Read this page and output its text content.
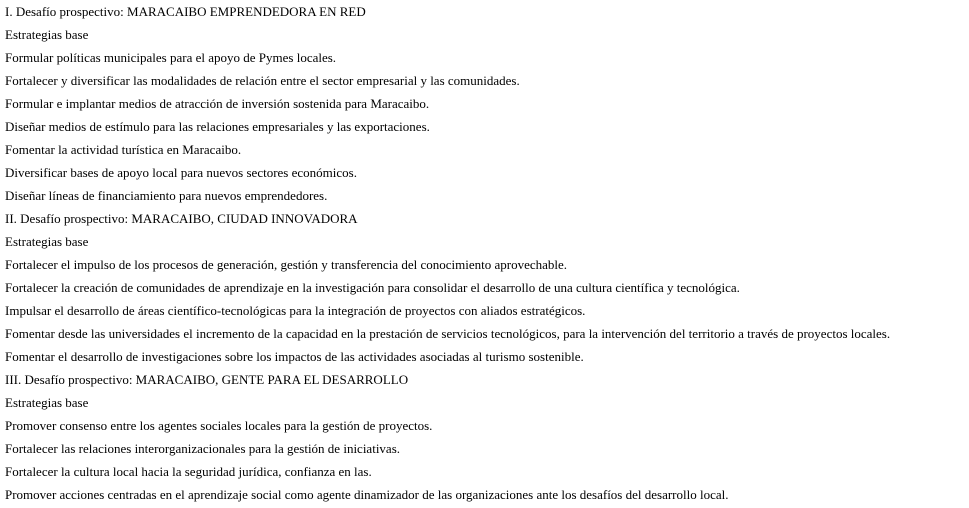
I. Desafío prospectivo: MARACAIBO EMPRENDEDORA EN RED
Estrategias base
Formular políticas municipales para el apoyo de Pymes locales.
Fortalecer y diversificar las modalidades de relación entre el sector empresarial y las comunidades.
Formular e implantar medios de atracción de inversión sostenida para Maracaibo.
Diseñar medios de estímulo para las relaciones empresariales y las exportaciones.
Fomentar la actividad turística en Maracaibo.
Diversificar bases de apoyo local para nuevos sectores económicos.
Diseñar líneas de financiamiento para nuevos emprendedores.
II. Desafío prospectivo: MARACAIBO, CIUDAD INNOVADORA
Estrategias base
Fortalecer el impulso de los procesos de generación, gestión y transferencia del conocimiento aprovechable.
Fortalecer la creación de comunidades de aprendizaje en la investigación para consolidar el desarrollo de una cultura científica y tecnológica.
Impulsar el desarrollo de áreas científico-tecnológicas para la integración de proyectos con aliados estratégicos.
Fomentar desde las universidades el incremento de la capacidad en la prestación de servicios tecnológicos, para la intervención del territorio a través de proyectos locales.
Fomentar el desarrollo de investigaciones sobre los impactos de las actividades asociadas al turismo sostenible.
III. Desafío prospectivo: MARACAIBO, GENTE PARA EL DESARROLLO
Estrategias base
Promover consenso entre los agentes sociales locales para la gestión de proyectos.
Fortalecer las relaciones interorganizacionales para la gestión de iniciativas.
Fortalecer la cultura local hacia la seguridad jurídica, confianza en las.
Promover acciones centradas en el aprendizaje social como agente dinamizador de las organizaciones ante los desafíos del desarrollo local.
